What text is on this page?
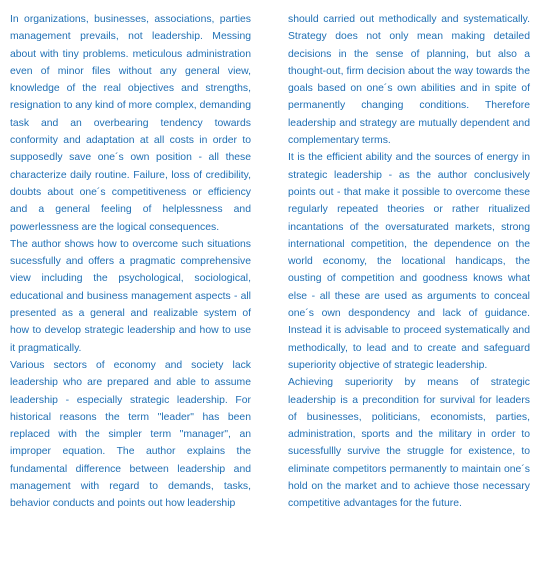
In organizations, businesses, associations, parties management prevails, not leadership. Messing about with tiny problems. meticulous administration even of minor files without any general view, knowledge of the real objectives and strengths, resignation to any kind of more complex, demanding task and an overbearing tendency towards conformity and adaptation at all costs in order to supposedly save one´s own position - all these characterize daily routine. Failure, loss of credibility, doubts about one´s competitiveness or efficiency and a general feeling of helplessness and powerlessness are the logical consequences.

The author shows how to overcome such situations sucessfully and offers a pragmatic comprehensive view including the psychological, sociological, educational and business management aspects - all presented as a general and realizable system of how to develop strategic leadership and how to use it pragmatically.

Various sectors of economy and society lack leadership who are prepared and able to assume leadership - especially strategic leadership. For historical reasons the term "leader" has been replaced with the simpler term "manager", an improper equation. The author explains the fundamental difference between leadership and management with regard to demands, tasks, behavior conducts and points out how leadership

should carried out methodically and systematically. Strategy does not only mean making detailed decisions in the sense of planning, but also a thought-out, firm decision about the way towards the goals based on one´s own abilities and in spite of permanently changing conditions. Therefore leadership and strategy are mutually dependent and complementary terms.

It is the efficient ability and the sources of energy in strategic leadership - as the author conclusively points out - that make it possible to overcome these regularly repeated theories or rather ritualized incantations of the oversaturated markets, strong international competition, the dependence on the world economy, the locational handicaps, the ousting of competition and goodness knows what else - all these are used as arguments to conceal one´s own despondency and lack of guidance. Instead it is advisable to proceed systematically and methodically, to lead and to create and safeguard superiority objective of strategic leadership.

Achieving superiority by means of strategic leadership is a precondition for survival for leaders of businesses, politicians, economists, parties, administration, sports and the military in order to sucessfullly survive the struggle for existence, to eliminate competitors permanently to maintain one´s hold on the market and to achieve those necessary competitive advantages for the future.
